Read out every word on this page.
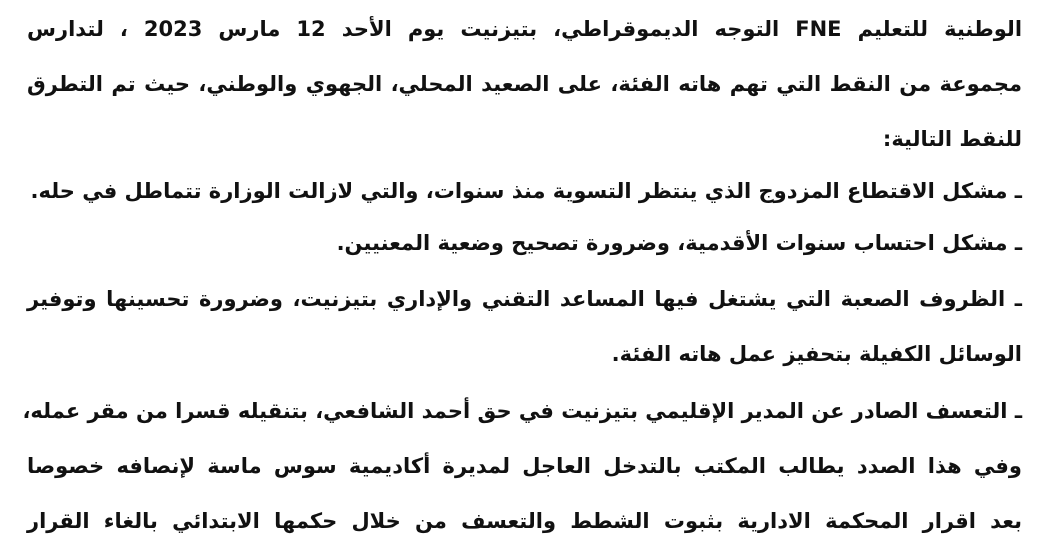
الوطنية للتعليم FNE التوجه الديموقراطي، بتيزنيت يوم الأحد 12 مارس 2023 ، لتدارس
مجموعة من النقط التي تهم هاته الفئة، على الصعيد المحلي، الجهوي والوطني، حيث تم التطرق
للنقط التالية:
ـ مشكل الاقتطاع المزدوج الذي ينتظر التسوية منذ سنوات، والتي لازالت الوزارة تتماطل في حله.
ـ مشكل احتساب سنوات الأقدمية، وضرورة تصحيح وضعية المعنيين.
ـ الظروف الصعبة التي يشتغل فيها المساعد التقني والإداري بتيزنيت، وضرورة تحسينها وتوفير
الوسائل الكفيلة بتحفيز عمل هاته الفئة.
ـ التعسف الصادر عن المدير الإقليمي بتيزنيت في حق أحمد الشافعي، بتنقيله قسرا من مقر عمله،
وفي هذا الصدد يطالب المكتب بالتدخل العاجل لمديرة أكاديمية سوس ماسة لإنصافه خصوصا
بعد اقرار المحكمة الادارية بثبوت الشطط والتعسف من خلال حكمها الابتدائي بالغاء القرار
